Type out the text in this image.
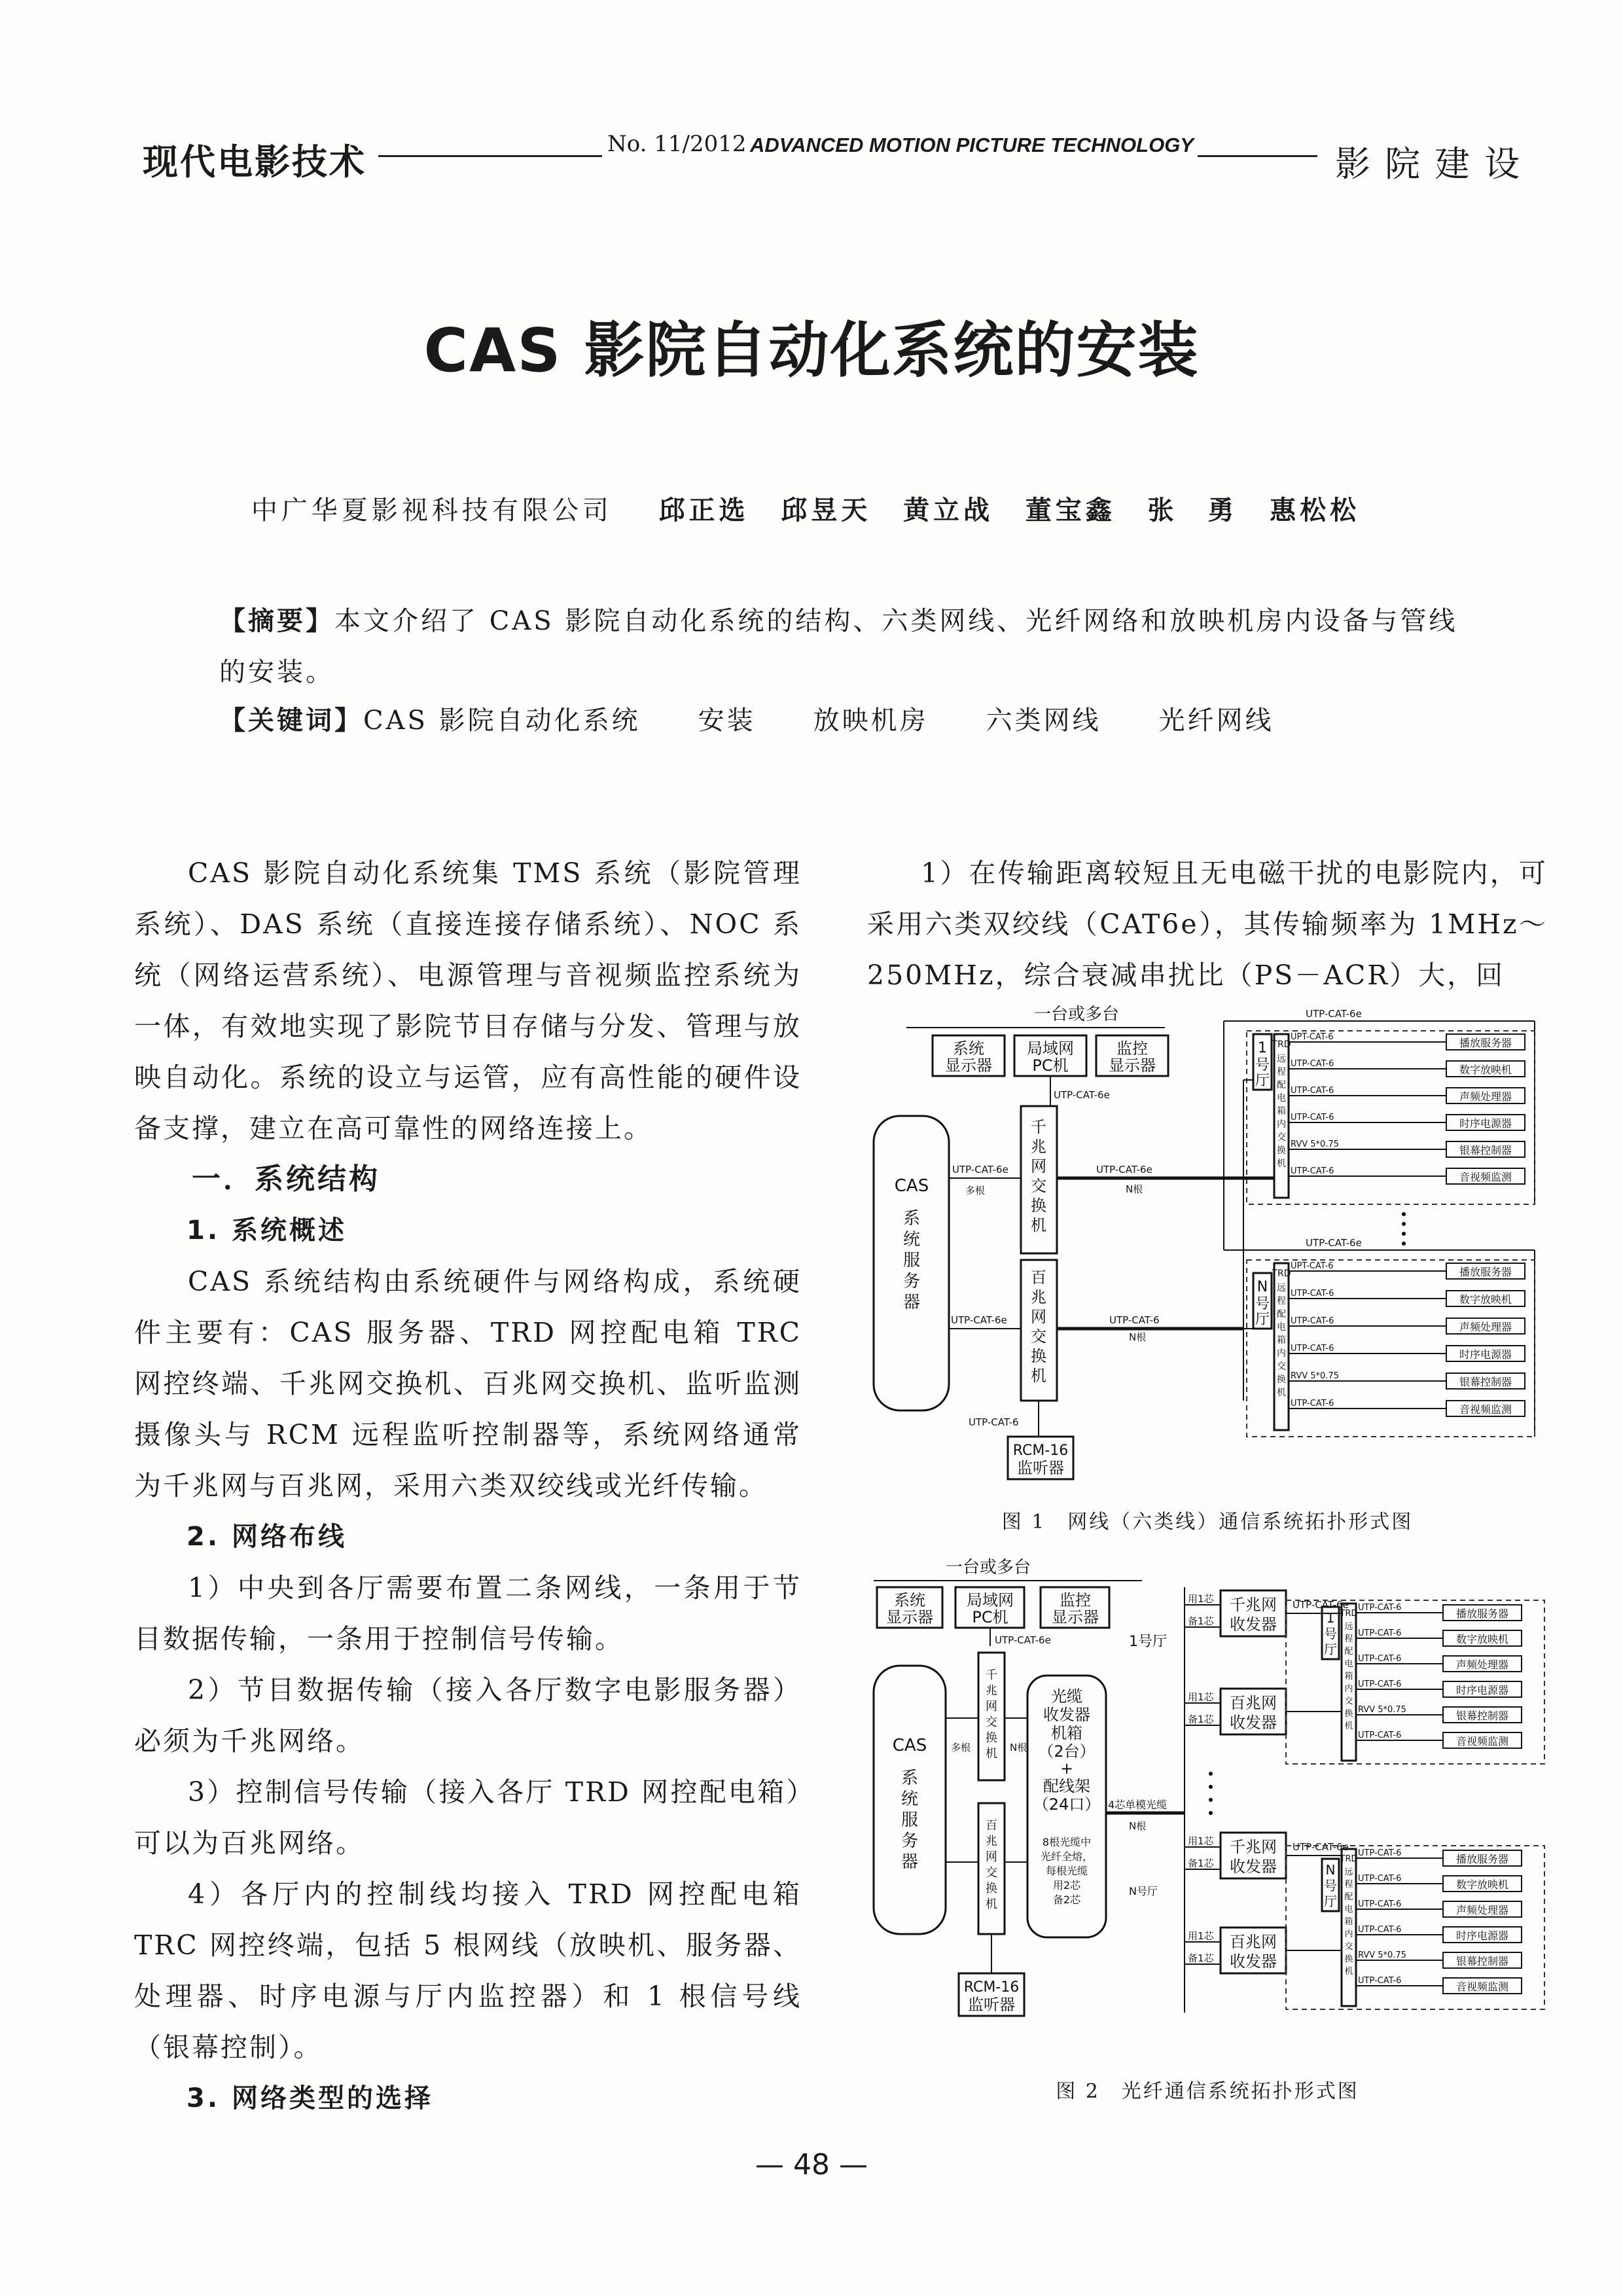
现代电影技术	No. 11/2012 ADVANCED MOTION PICTURE TECHNOLOGY	影院建设
CAS 影院自动化系统的安装
中广华夏影视科技有限公司 邱正选 邱昱天 黄立战 董宝鑫 张　勇 惠松松
【摘要】本文介绍了 CAS 影院自动化系统的结构、六类网线、光纤网络和放映机房内设备与管线的安装。
【关键词】CAS 影院自动化系统　　安装　　放映机房　　六类网线　　光纤网线

CAS 影院自动化系统集 TMS 系统（影院管理系统）、DAS 系统（直接连接存储系统）、NOC 系统（网络运营系统）、电源管理与音视频监控系统为一体，有效地实现了影院节目存储与分发、管理与放映自动化。系统的设立与运管，应有高性能的硬件设备支撑，建立在高可靠性的网络连接上。

一．系统结构

1. 系统概述

CAS 系统结构由系统硬件与网络构成，系统硬件主要有：CAS 服务器、TRD 网控配电箱 TRC 网控终端、千兆网交换机、百兆网交换机、监听监测摄像头与 RCM 远程监听控制器等，系统网络通常为千兆网与百兆网，采用六类双绞线或光纤传输。

2. 网络布线

1）中央到各厅需要布置二条网线，一条用于节目数据传输，一条用于控制信号传输。

2）节目数据传输（接入各厅数字电影服务器）必须为千兆网络。

3）控制信号传输（接入各厅 TRD 网控配电箱）可以为百兆网络。

4）各厅内的控制线均接入 TRD 网控配电箱 TRC 网控终端，包括 5 根网线（放映机、服务器、处理器、时序电源与厅内监控器）和 1 根信号线（银幕控制）。

3. 网络类型的选择

1）在传输距离较短且无电磁干扰的电影院内，可采用六类双绞线（CAT6e），其传输频率为 1MHz～250MHz，综合衰减串扰比（PS－ACR）大，回

一台或多台
系统
显示器
局域网
PC机
监控
显示器
UTP-CAT-6e
CAS
系
统
服
务
器
千
兆
网
交
换
机
UTP-CAT-6e
多根
UTP-CAT-6e
N根
百
兆
网
交
换
机
UTP-CAT-6e	UTP-CAT-6
N根
UTP-CAT-6
RCM-16
监听器
UTP-CAT-6e
UTP-CAT-6e
1
号
厅
TRD
远
程
配
电
箱
内
交
换
机
UPT-CAT-6	播放服务器
UTP-CAT-6	数字放映机
UTP-CAT-6	声频处理器
UTP-CAT-6	时序电源器
RVV 5*0.75	银幕控制器
UTP-CAT-6	音视频监测
N
号
厅
TRD
远
程
配
电
箱
内
交
换
机
UPT-CAT-6	播放服务器
UTP-CAT-6	数字放映机
UTP-CAT-6	声频处理器
UTP-CAT-6	时序电源器
RVV 5*0.75	银幕控制器
UTP-CAT-6	音视频监测
图 1　网线（六类线）通信系统拓扑形式图
一台或多台
系统
显示器
局域网
PC机
监控
显示器
UTP-CAT-6e
CAS
系
统
服
务
器
千
兆
网
交
换
机
百
兆
网
交
换
机
多根	N根
光缆
收发器
机箱
（2台）
+
配线架
（24口）
8根光缆中
光纤全熔，
每根光缆
用2芯
备2芯
RCM-16
监听器
4芯单模光缆
N根
1号厅
N号厅
用1芯
备1芯
千兆网
收发器
用1芯
备1芯
百兆网
收发器
用1芯
备1芯
千兆网
收发器
用1芯
备1芯
百兆网
收发器
UTP-CAT-6e
UTP-CAT-6e
1
号
厅
TRD
远
程
配
电
箱
内
交
换
机
UTP-CAT-6	播放服务器
UTP-CAT-6	数字放映机
UTP-CAT-6	声频处理器
UTP-CAT-6	时序电源器
RVV 5*0.75	银幕控制器
UTP-CAT-6	音视频监测
N
号
厅
TRD
远
程
配
电
箱
内
交
换
机
UTP-CAT-6	播放服务器
UTP-CAT-6	数字放映机
UTP-CAT-6	声频处理器
UTP-CAT-6	时序电源器
RVV 5*0.75	银幕控制器
UTP-CAT-6	音视频监测
图 2　光纤通信系统拓扑形式图
— 48 —
